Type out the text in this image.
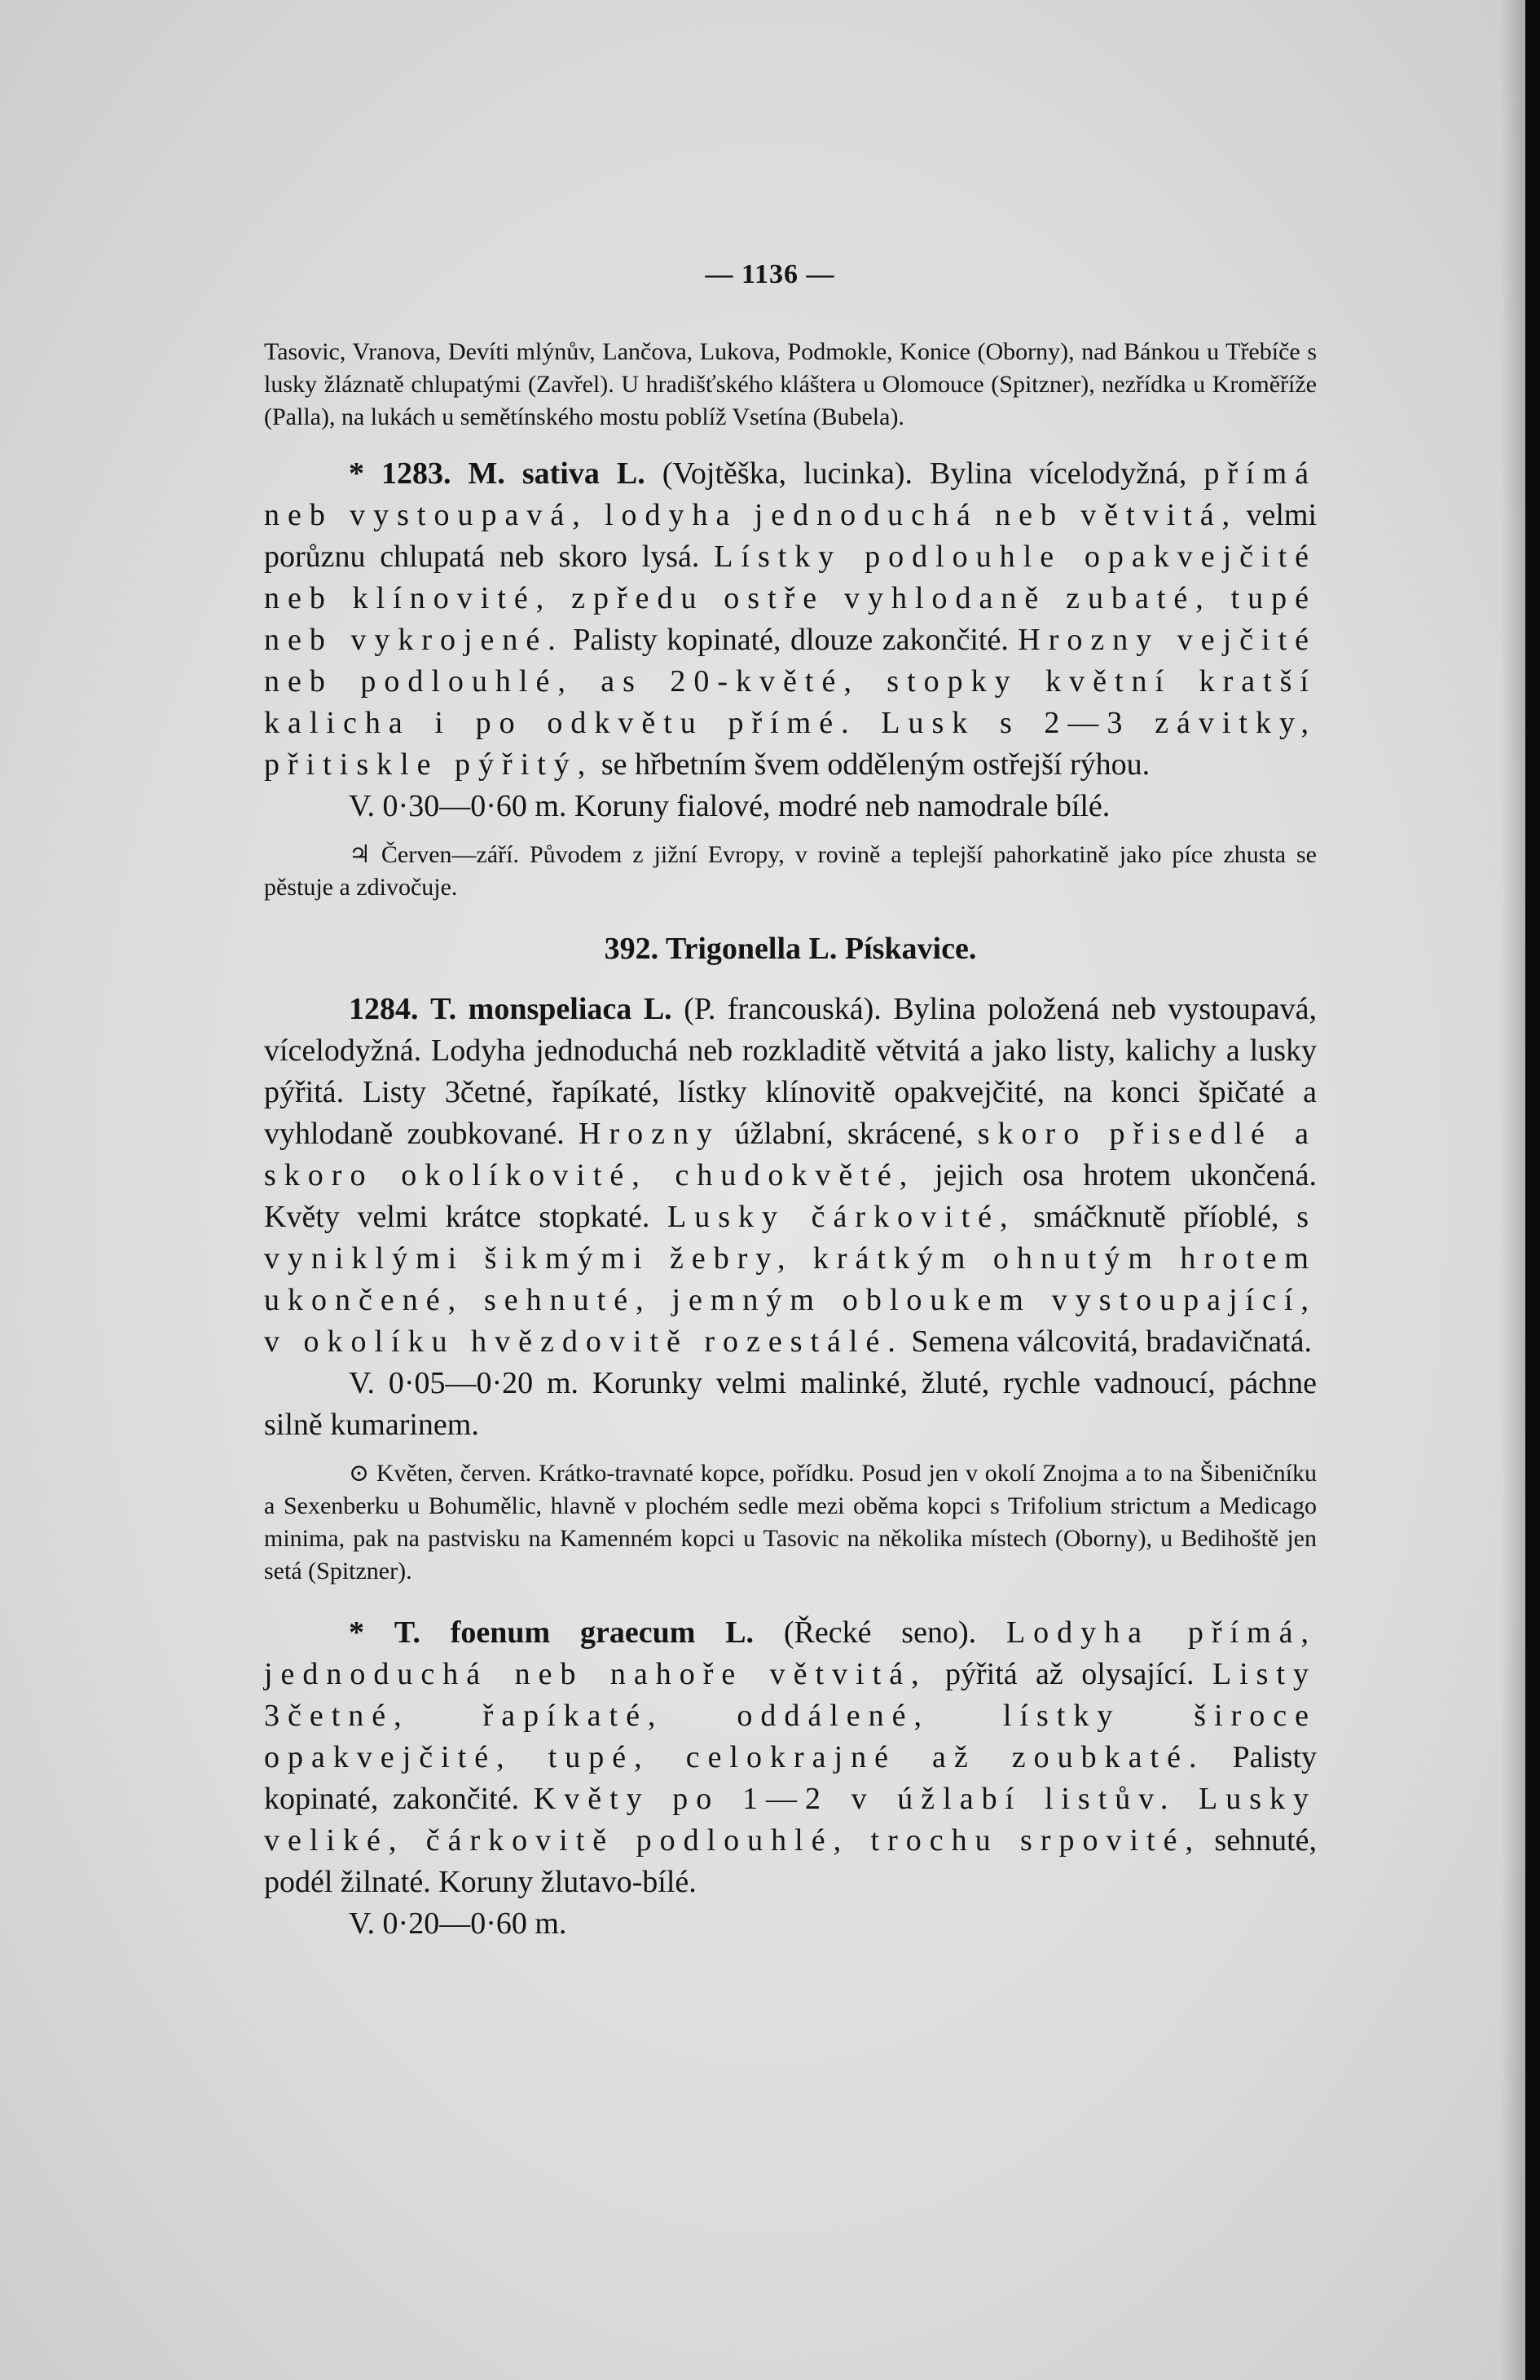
— 1136 —

Tasovic, Vranova, Devíti mlýnův, Lančova, Lukova, Podmokle, Konice (Oborny), nad Bánkou u Třebíče s lusky žláznatě chlupatými (Zavřel). U hradišťského kláštera u Olomouce (Spitzner), nezřídka u Kroměříže (Palla), na lukách u semětínského mostu poblíž Vsetína (Bubela).

* 1283. M. sativa L. (Vojtěška, lucinka). Bylina vícelodyžná, přímá neb vystoupavá, lodyha jednoduchá neb větvitá, velmi porůznu chlupatá neb skoro lysá. Lístky podlouhle opakvejčité neb klínovité, zpředu ostře vyhlodaně zubaté, tupé neb vykrojené. Palisty kopinaté, dlouze zakončité. Hrozny vejčité neb podlouhlé, as 20-květé, stopky květní kratší kalicha i po odkvětu přímé. Lusk s 2—3 závitky, přitiskle pýřitý, se hřbetním švem odděleným ostřejší rýhou.
V. 0·30—0·60 m. Koruny fialové, modré neb namodrale bílé.

♃ Červen—září. Původem z jižní Evropy, v rovině a teplejší pahorkatině jako píce zhusta se pěstuje a zdivočuje.

392. Trigonella L. Pískavice.
1284. T. monspeliaca L. (P. francouská). Bylina položená neb vystoupavá, vícelodyžná. Lodyha jednoduchá neb rozkladitě větvitá a jako listy, kalichy a lusky pýřitá. Listy 3četné, řapíkaté, lístky klínovitě opakvejčité, na konci špičaté a vyhlodaně zoubkované. Hrozny úžlabní, skrácené, skoro přisedlé a skoro okolíkovité, chudokvěté, jejich osa hrotem ukončená. Květy velmi krátce stopkaté. Lusky čárkovité, smáčknutě příoblé, s vyniklými šikmými žebry, krátkým ohnutým hrotem ukončené, sehnuté, jemným obloukem vystoupající, v okolíku hvězdovitě rozestálé. Semena válcovitá, bradavičnatá.
V. 0·05—0·20 m. Korunky velmi malinké, žluté, rychle vadnoucí, páchne silně kumarinem.

⊙ Květen, červen. Krátko-travnaté kopce, pořídku. Posud jen v okolí Znojma a to na Šibeničníku a Sexenberku u Bohumělic, hlavně v plochém sedle mezi oběma kopci s Trifolium strictum a Medicago minima, pak na pastvisku na Kamenném kopci u Tasovic na několika místech (Oborny), u Bedihoště jen setá (Spitzner).

* T. foenum graecum L. (Řecké seno). Lodyha přímá, jednoduchá neb nahoře větvitá, pýřitá až olysající. Listy 3četné, řapíkaté, oddálené, lístky široce opakvejčité, tupé, celokrajné až zoubkaté. Palisty kopinaté, zakončité. Květy po 1—2 v úžlabí listův. Lusky veliké, čárkovitě podlouhlé, trochu srpovité, sehnuté, podél žilnaté. Koruny žlutavo-bílé.
V. 0·20—0·60 m.
